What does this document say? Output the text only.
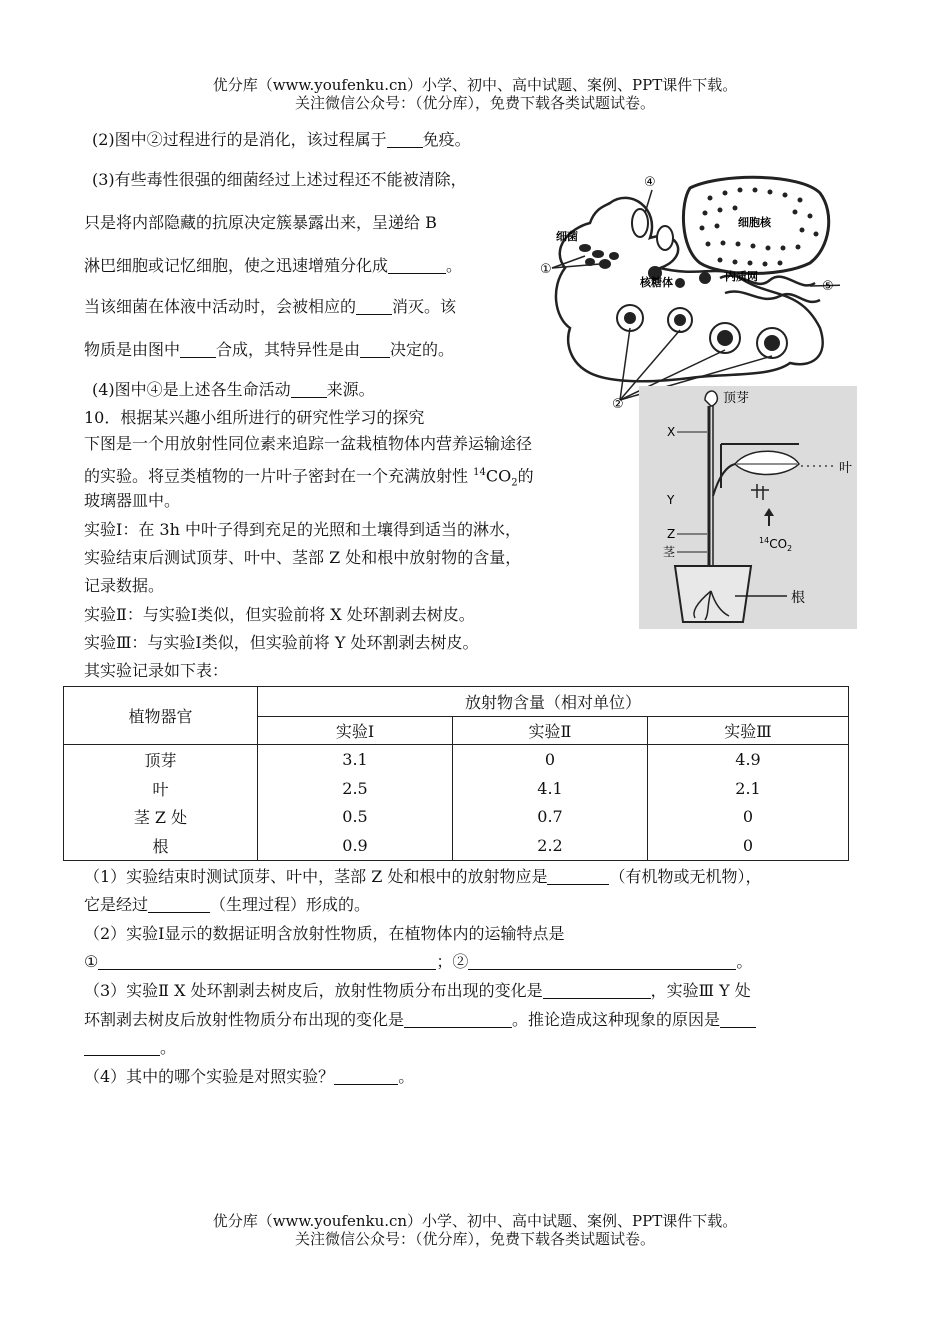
优分库（www.youfenku.cn）小学、初中、高中试题、案例、PPT课件下载。
关注微信公众号：（优分库），免费下载各类试题试卷。
(2)图中②过程进行的是消化，该过程属于 免疫。
(3)有些毒性很强的细菌经过上述过程还不能被清除，
只是将内部隐藏的抗原决定簇暴露出来，呈递给 B
淋巴细胞或记忆细胞，使之迅速增殖分化成	。
当该细菌在体液中活动时，会被相应的 消灭。该
物质是由图中 合成，其特异性是由 决定的。
(4)图中④是上述各生命活动 来源。
细胞核
细菌
核糖体	内质网
①
②
④
⑤
10．根据某兴趣小组所进行的研究性学习的探究
下图是一个用放射性同位素来追踪一盆栽植物体内营养运输途径
的实验。将豆类植物的一片叶子密封在一个充满放射性 $^{14}CO_2$的
玻璃器皿中。
实验Ⅰ：在 3h 中叶子得到充足的光照和土壤得到适当的淋水，
实验结束后测试顶芽、叶中、茎部 Z 处和根中放射物的含量，
记录数据。
实验Ⅱ：与实验Ⅰ类似，但实验前将 X 处环割剥去树皮。
实验Ⅲ：与实验Ⅰ类似，但实验前将 Y 处环割剥去树皮。
其实验记录如下表：
顶芽
叶
$^{14}CO_2$
X
Y
Z
茎
根
植物器官	放射物含量（相对单位）		
	实验Ⅰ	实验Ⅱ	实验Ⅲ
顶芽	3.1	0	4.9
叶	2.5	4.1	2.1
茎 Z 处	0.5	0.7	0
根	0.9	2.2	0
（1）实验结束时测试顶芽、叶中，茎部 Z 处和根中的放射物应是	（有机物或无机物），
它是经过	（生理过程）形成的。
（2）实验Ⅰ显示的数据证明含放射性物质，在植物体内的运输特点是
①	；②	。
（3）实验Ⅱ X 处环割剥去树皮后，放射性物质分布出现的变化是	，实验Ⅲ Y 处
环割剥去树皮后放射性物质分布出现的变化是	。推论造成这种现象的原因是
。
（4）其中的哪个实验是对照实验？	。
优分库（www.youfenku.cn）小学、初中、高中试题、案例、PPT课件下载。
关注微信公众号：（优分库），免费下载各类试题试卷。
